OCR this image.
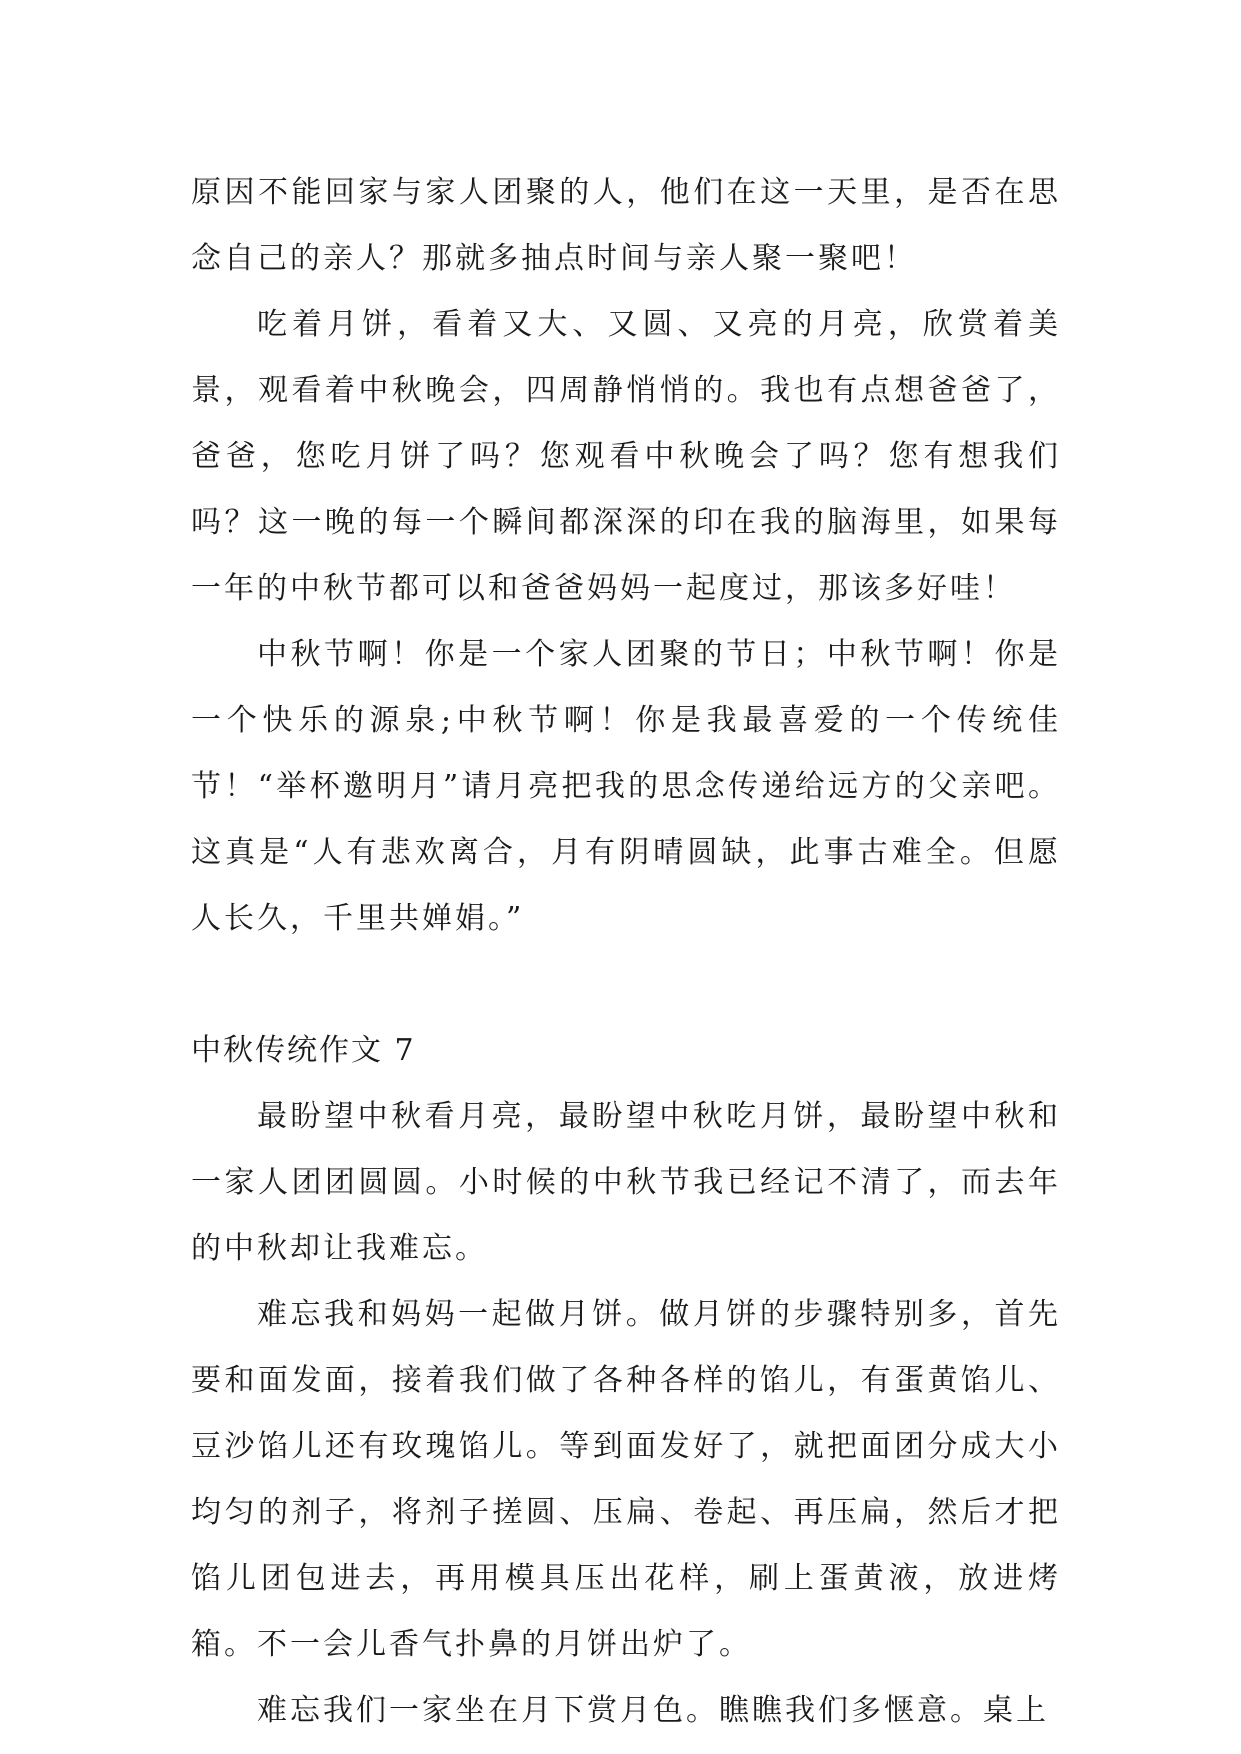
原因不能回家与家人团聚的人，他们在这一天里，是否在思念自己的亲人？那就多抽点时间与亲人聚一聚吧！

吃着月饼，看着又大、又圆、又亮的月亮，欣赏着美景，观看着中秋晚会，四周静悄悄的。我也有点想爸爸了，爸爸，您吃月饼了吗？您观看中秋晚会了吗？您有想我们吗？这一晚的每一个瞬间都深深的印在我的脑海里，如果每一年的中秋节都可以和爸爸妈妈一起度过，那该多好哇！

中秋节啊！你是一个家人团聚的节日；中秋节啊！你是一个快乐的源泉;中秋节啊！你是我最喜爱的一个传统佳节！“举杯邀明月”请月亮把我的思念传递给远方的父亲吧。这真是“人有悲欢离合，月有阴晴圆缺，此事古难全。但愿人长久，千里共婵娟。”

中秋传统作文 7

最盼望中秋看月亮，最盼望中秋吃月饼，最盼望中秋和一家人团团圆圆。小时候的中秋节我已经记不清了，而去年的中秋却让我难忘。

难忘我和妈妈一起做月饼。做月饼的步骤特别多，首先要和面发面，接着我们做了各种各样的馅儿，有蛋黄馅儿、豆沙馅儿还有玫瑰馅儿。等到面发好了，就把面团分成大小均匀的剂子，将剂子搓圆、压扁、卷起、再压扁，然后才把馅儿团包进去，再用模具压出花样，刷上蛋黄液，放进烤箱。不一会儿香气扑鼻的月饼出炉了。

难忘我们一家坐在月下赏月色。瞧瞧我们多惬意。桌上
